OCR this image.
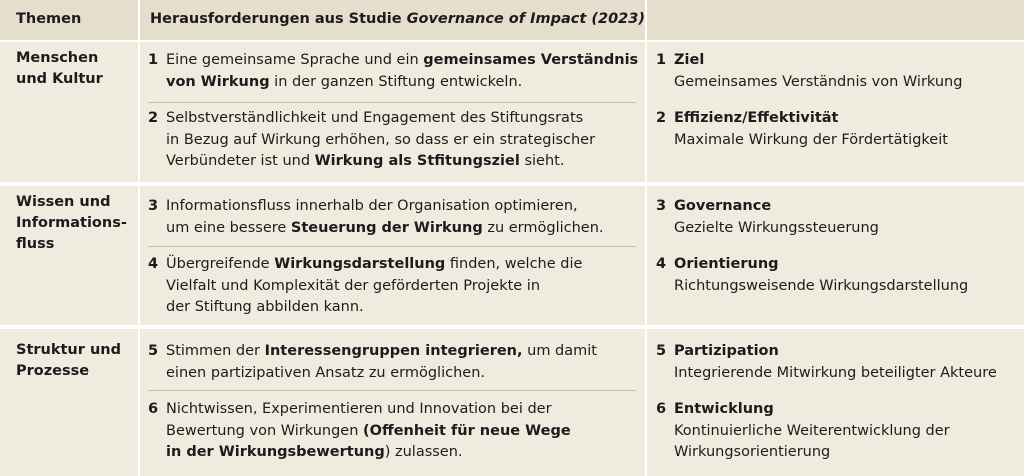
Themen	Herausforderungen aus Studie Governance of Impact (2023)
Menschen
und Kultur
1 Eine gemeinsame Sprache und ein gemeinsames Verständnis
von Wirkung in der ganzen Stiftung entwickeln.
2 Selbstverständlichkeit und Engagement des Stiftungsrats
in Bezug auf Wirkung erhöhen, so dass er ein strategischer
Verbündeter ist und Wirkung als Stfitungsziel sieht.
1 Ziel
Gemeinsames Verständnis von Wirkung
2 Effizienz/Effektivität
Maximale Wirkung der Fördertätigkeit
Wissen und
Informations-
fluss
3 Informationsfluss innerhalb der Organisation optimieren,
um eine bessere Steuerung der Wirkung zu ermöglichen.
4 Übergreifende Wirkungsdarstellung finden, welche die
Vielfalt und Komplexität der geförderten Projekte in
der Stiftung abbilden kann.
3 Governance
Gezielte Wirkungssteuerung
4 Orientierung
Richtungsweisende Wirkungsdarstellung
Struktur und
Prozesse
5 Stimmen der Interessengruppen integrieren, um damit
einen partizipativen Ansatz zu ermöglichen.
6 Nichtwissen, Experimentieren und Innovation bei der
Bewertung von Wirkungen (Offenheit für neue Wege
in der Wirkungsbewertung) zulassen.
5 Partizipation
Integrierende Mitwirkung beteiligter Akteure
6 Entwicklung
Kontinuierliche Weiterentwicklung der
Wirkungsorientierung
